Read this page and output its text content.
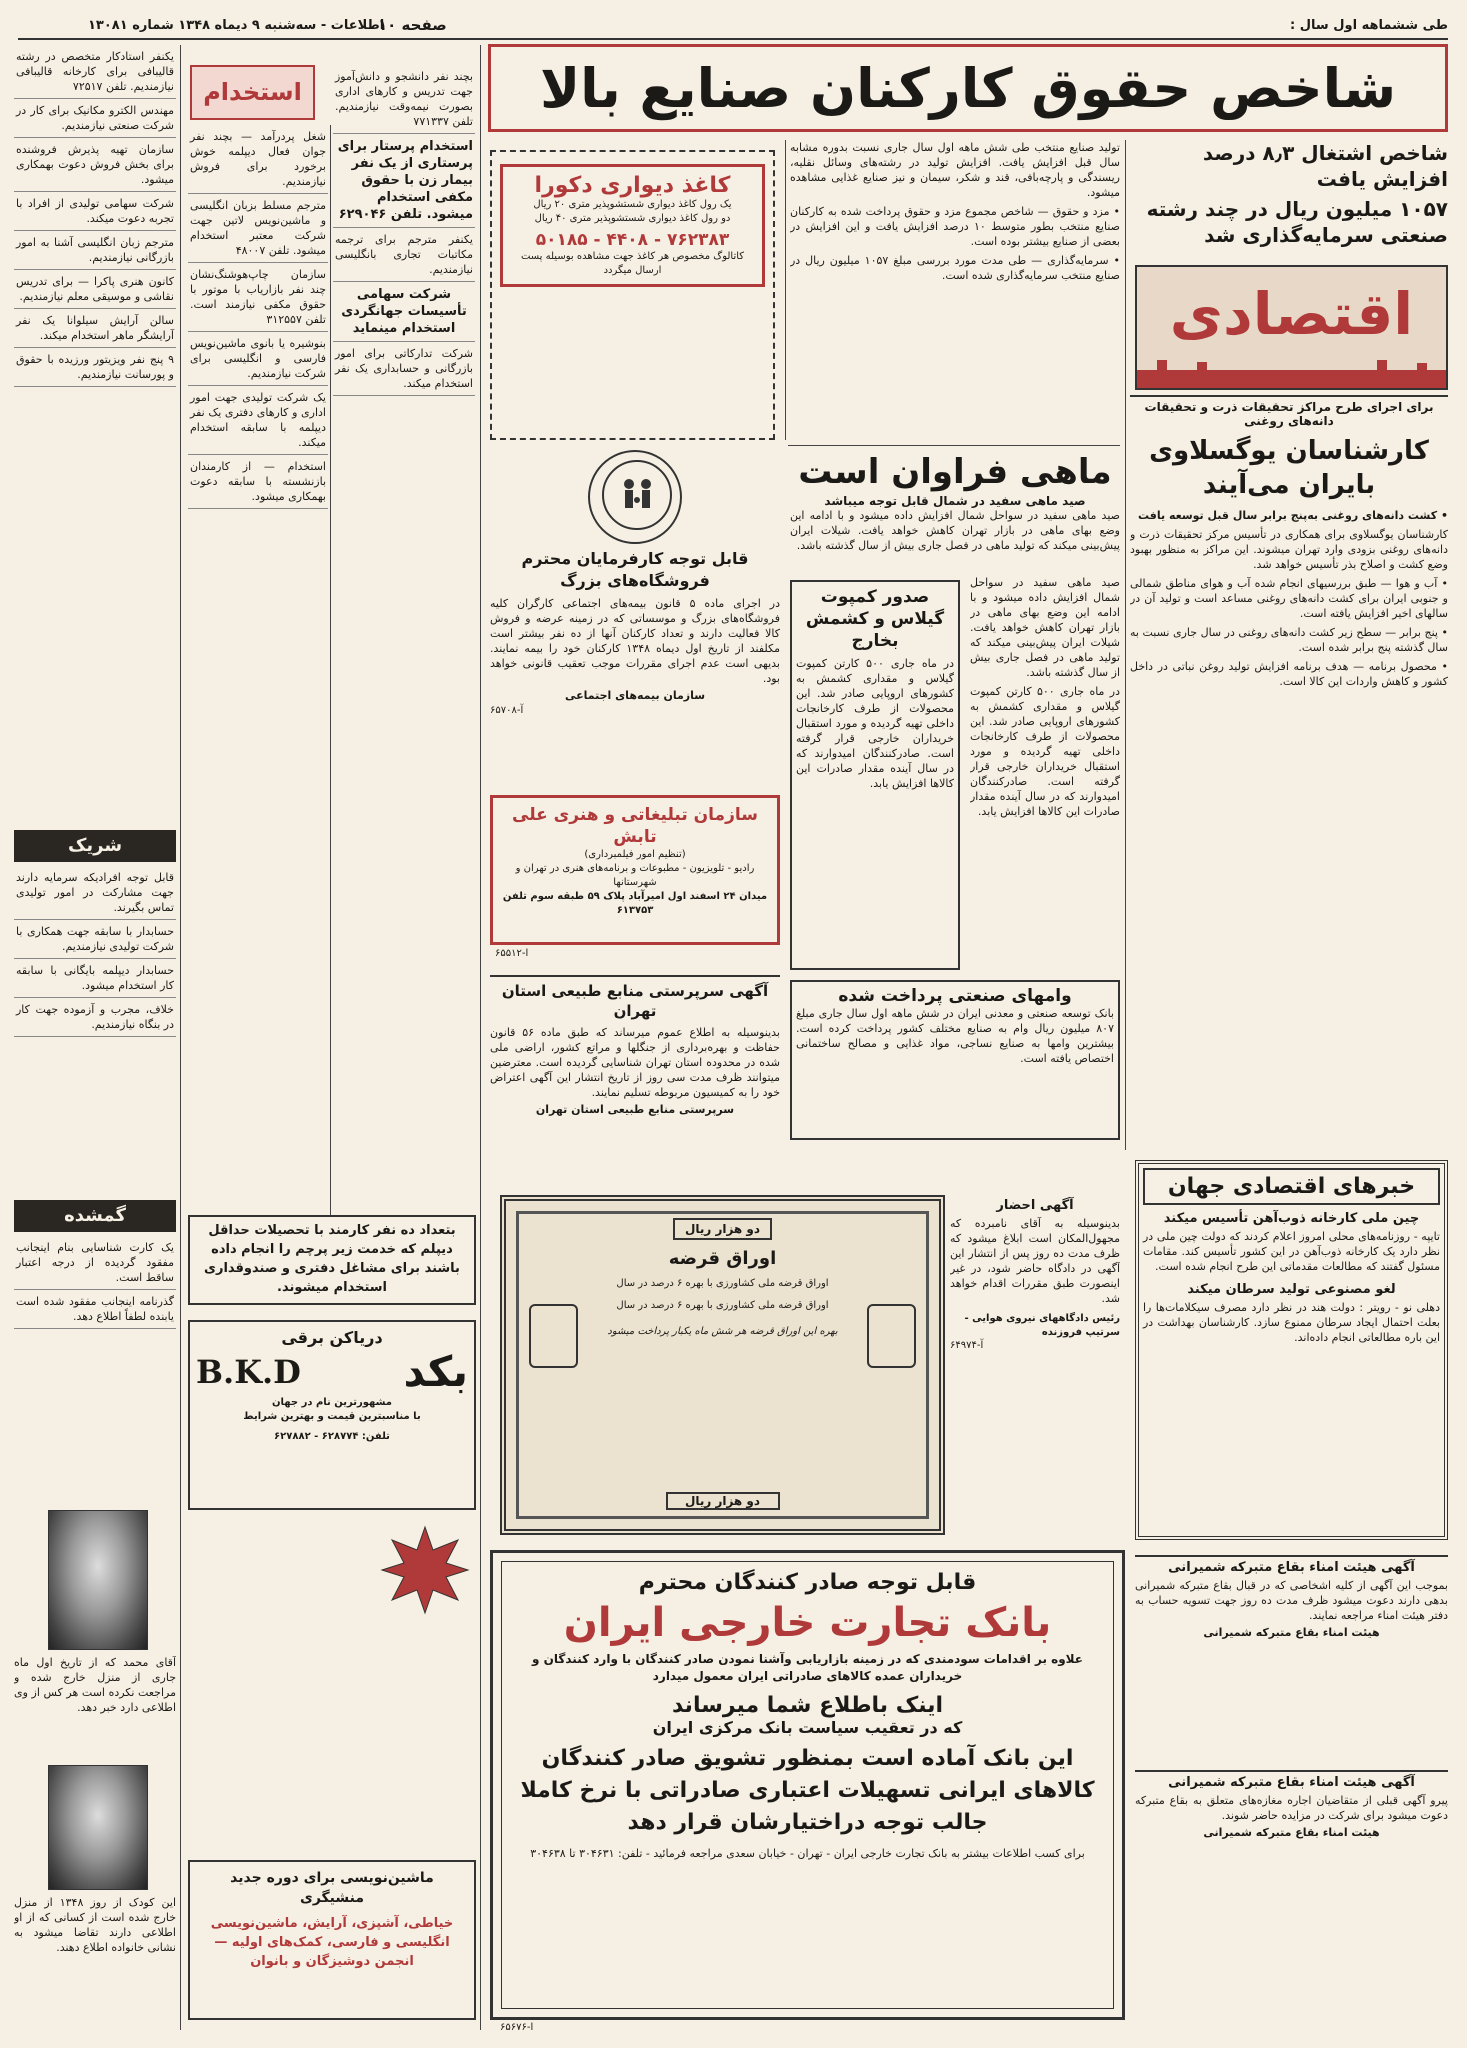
اطلاعات - سه‌شنبه ۹ دیماه ۱۳۴۸ شماره ۱۳۰۸۱
صفحه ۱۰	طی ششماهه اول سال :
شاخص حقوق کارکنان صنایع بالا
شاخص اشتغال ۸٫۳ درصد افزایش یافت
۱۰۵۷ میلیون ریال در چند رشته صنعتی سرمایه‌گذاری شد

تولید صنایع منتخب طی شش ماهه اول سال جاری نسبت بدوره مشابه سال قبل افزایش یافت. افزایش تولید در رشته‌های وسائل نقلیه، ریسندگی و پارچه‌بافی، قند و شکر، سیمان و نیز صنایع غذایی مشاهده میشود.

• مزد و حقوق — شاخص مجموع مزد و حقوق پرداخت شده به کارکنان صنایع منتخب بطور متوسط ۱۰ درصد افزایش یافت و این افزایش در بعضی از صنایع بیشتر بوده است.

• سرمایه‌گذاری — طی مدت مورد بررسی مبلغ ۱۰۵۷ میلیون ریال در صنایع منتخب سرمایه‌گذاری شده است.

اقتصادی
برای اجرای طرح مراکز تحقیقات ذرت و تحقیقات دانه‌های روغنی
کارشناسان یوگسلاوی بایران می‌آیند

• کشت دانه‌های روغنی به‌پنج برابر سال قبل توسعه یافت

کارشناسان یوگسلاوی برای همکاری در تأسیس مرکز تحقیقات ذرت و دانه‌های روغنی بزودی وارد تهران میشوند. این مراکز به منظور بهبود وضع کشت و اصلاح بذر تأسیس خواهد شد.

• آب و هوا — طبق بررسیهای انجام شده آب و هوای مناطق شمالی و جنوبی ایران برای کشت دانه‌های روغنی مساعد است و تولید آن در سالهای اخیر افزایش یافته است.

• پنج برابر — سطح زیر کشت دانه‌های روغنی در سال جاری نسبت به سال گذشته پنج برابر شده است.

• محصول برنامه — هدف برنامه افزایش تولید روغن نباتی در داخل کشور و کاهش واردات این کالا است.

خبرهای اقتصادی جهان
چین ملی کارخانه ذوب‌آهن تأسیس میکند
تایپه - روزنامه‌های محلی امروز اعلام کردند که دولت چین ملی در نظر دارد یک کارخانه ذوب‌آهن در این کشور تأسیس کند. مقامات مسئول گفتند که مطالعات مقدماتی این طرح انجام شده است.
لغو مصنوعی تولید سرطان میکند
دهلی نو - رویتر : دولت هند در نظر دارد مصرف سیکلامات‌ها را بعلت احتمال ایجاد سرطان ممنوع سازد. کارشناسان بهداشت در این باره مطالعاتی انجام داده‌اند.
آگهی هیئت امناء بقاع متبرکه شمیرانی
بموجب این آگهی از کلیه اشخاصی که در قبال بقاع متبرکه شمیرانی بدهی دارند دعوت میشود ظرف مدت ده روز جهت تسویه حساب به دفتر هیئت امناء مراجعه نمایند.
هیئت امناء بقاع متبرکه شمیرانی
آگهی هیئت امناء بقاع متبرکه شمیرانی
پیرو آگهی قبلی از متقاضیان اجاره مغازه‌های متعلق به بقاع متبرکه دعوت میشود برای شرکت در مزایده حاضر شوند.
هیئت امناء بقاع متبرکه شمیرانی
کاغذ دیواری دکورا
یک رول کاغذ دیواری شستشوپذیر متری ۲۰ ریال
دو رول کاغذ دیواری شستشوپذیر متری ۴۰ ریال
۷۶۲۳۸۳ - ۴۴۰۸ - ۵۰۱۸۵
کاتالوگ مخصوص هر کاغذ جهت مشاهده بوسیله پست ارسال میگردد
قابل توجه کارفرمایان محترم فروشگاه‌های بزرگ
در اجرای ماده ۵ قانون بیمه‌های اجتماعی کارگران کلیه فروشگاه‌های بزرگ و موسساتی که در زمینه عرضه و فروش کالا فعالیت دارند و تعداد کارکنان آنها از ده نفر بیشتر است مکلفند از تاریخ اول دیماه ۱۳۴۸ کارکنان خود را بیمه نمایند. بدیهی است عدم اجرای مقررات موجب تعقیب قانونی خواهد بود.
سازمان بیمه‌های اجتماعی
آ-۶۵۷۰۸
سازمان تبلیغاتی و هنری علی تابش
(تنظیم امور فیلمبرداری)
رادیو - تلویزیون - مطبوعات و برنامه‌های هنری در تهران و شهرستانها
میدان ۲۴ اسفند اول امیرآباد پلاک ۵۹ طبقه سوم تلفن ۶۱۳۷۵۳
آ-۶۵۵۱۲
ماهی فراوان است
صید ماهی سفید در شمال قابل توجه میباشد
صید ماهی سفید در سواحل شمال افزایش داده میشود و با ادامه این وضع بهای ماهی در بازار تهران کاهش خواهد یافت. شیلات ایران پیش‌بینی میکند که تولید ماهی در فصل جاری بیش از سال گذشته باشد.

صید ماهی سفید در سواحل شمال افزایش داده میشود و با ادامه این وضع بهای ماهی در بازار تهران کاهش خواهد یافت. شیلات ایران پیش‌بینی میکند که تولید ماهی در فصل جاری بیش از سال گذشته باشد.

در ماه جاری ۵۰۰ کارتن کمپوت گیلاس و مقداری کشمش به کشورهای اروپایی صادر شد. این محصولات از طرف کارخانجات داخلی تهیه گردیده و مورد استقبال خریداران خارجی قرار گرفته است. صادرکنندگان امیدوارند که در سال آینده مقدار صادرات این کالاها افزایش یابد.

صدور کمپوت گیلاس و کشمش بخارج
در ماه جاری ۵۰۰ کارتن کمپوت گیلاس و مقداری کشمش به کشورهای اروپایی صادر شد. این محصولات از طرف کارخانجات داخلی تهیه گردیده و مورد استقبال خریداران خارجی قرار گرفته است. صادرکنندگان امیدوارند که در سال آینده مقدار صادرات این کالاها افزایش یابد.
وامهای صنعتی پرداخت شده
بانک توسعه صنعتی و معدنی ایران در شش ماهه اول سال جاری مبلغ ۸۰۷ میلیون ریال وام به صنایع مختلف کشور پرداخت کرده است. بیشترین وامها به صنایع نساجی، مواد غذایی و مصالح ساختمانی اختصاص یافته است.
آگهی سرپرستی منابع طبیعی استان تهران
بدینوسیله به اطلاع عموم میرساند که طبق ماده ۵۶ قانون حفاظت و بهره‌برداری از جنگلها و مراتع کشور، اراضی ملی شده در محدوده استان تهران شناسایی گردیده است. معترضین میتوانند ظرف مدت سی روز از تاریخ انتشار این آگهی اعتراض خود را به کمیسیون مربوطه تسلیم نمایند.
سرپرستی منابع طبیعی استان تهران
دو هزار ریال
اوراق قرضه
اوراق قرضه ملی کشاورزی با بهره ۶ درصد در سال
اوراق قرضه ملی کشاورزی با بهره ۶ درصد در سال
بهره این اوراق قرضه هر شش ماه یکبار پرداخت میشود
دو هزار ریال
آگهی احضار
بدینوسیله به آقای نامبرده که مجهول‌المکان است ابلاغ میشود که ظرف مدت ده روز پس از انتشار این آگهی در دادگاه حاضر شود، در غیر اینصورت طبق مقررات اقدام خواهد شد.
رئیس دادگاههای نیروی هوایی - سرتیپ فروزنده
آ-۶۴۹۷۴
قابل توجه صادر کنندگان محترم
بانک تجارت خارجی ایران
علاوه بر اقدامات سودمندی که در زمینه بازاریابی وآشنا نمودن صادر کنندگان با وارد کنندگان و خریداران عمده کالاهای صادراتی ایران معمول میدارد
اینک باطلاع شما میرساند
که در تعقیب سیاست بانک مرکزی ایران
این بانک آماده است بمنظور تشویق صادر کنندگان کالاهای ایرانی تسهیلات اعتباری صادراتی با نرخ کاملا جالب توجه دراختیارشان قرار دهد
برای کسب اطلاعات بیشتر به بانک تجارت خارجی ایران - تهران - خیابان سعدی مراجعه فرمائید - تلفن: ۳۰۴۶۳۱ تا ۳۰۴۶۳۸
آ-۶۵۶۷۶
استخدام
شغل پردرآمد — بچند نفر جوان فعال دیپلمه خوش برخورد برای فروش نیازمندیم.
مترجم مسلط بزبان انگلیسی و ماشین‌نویس لاتین جهت شرکت معتبر استخدام میشود. تلفن ۴۸۰۰۷
سازمان چاپ‌هوشنگ‌نشان چند نفر بازاریاب با موتور با حقوق مکفی نیازمند است. تلفن ۳۱۲۵۵۷
بنوشیره یا بانوی ماشین‌نویس فارسی و انگلیسی برای شرکت نیازمندیم.
یک شرکت تولیدی جهت امور اداری و کارهای دفتری یک نفر دیپلمه با سابقه استخدام میکند.
استخدام — از کارمندان بازنشسته با سابقه دعوت بهمکاری میشود.
بچند نفر دانشجو و دانش‌آموز جهت تدریس و کارهای اداری بصورت نیمه‌وقت نیازمندیم. تلفن ۷۷۱۳۳۷
استخدام پرستار برای پرستاری از یک نفر بیمار زن با حقوق مکفی استخدام میشود. تلفن ۶۲۹۰۴۶
یکنفر مترجم برای ترجمه مکاتبات تجاری بانگلیسی نیازمندیم.
شرکت سهامی تأسیسات جهانگردی استخدام مینماید
شرکت تدارکاتی برای امور بازرگانی و حسابداری یک نفر استخدام میکند.
بتعداد ده نفر کارمند با تحصیلات حداقل دیپلم که خدمت زیر پرچم را انجام داده باشند برای مشاغل دفتری و صندوقداری استخدام میشوند.
دریاکن برقی
B.K.D بکد
مشهورترین نام در جهان
با مناسبترین قیمت و بهترین شرایط
تلفن: ۶۲۸۷۷۴ - ۶۲۷۸۸۲
ماشین‌نویسی برای دوره جدید منشیگری
خیاطی، آشپزی، آرایش، ماشین‌نویسی انگلیسی و فارسی، کمک‌های اولیه — انجمن دوشیزگان و بانوان
یکنفر استادکار متخصص در رشته قالیبافی برای کارخانه قالیبافی نیازمندیم. تلفن ۷۲۵۱۷
مهندس الکترو مکانیک برای کار در شرکت صنعتی نیازمندیم.
سازمان تهیه پذیرش فروشنده برای بخش فروش دعوت بهمکاری میشود.
شرکت سهامی تولیدی از افراد با تجربه دعوت میکند.
مترجم زبان انگلیسی آشنا به امور بازرگانی نیازمندیم.
کانون هنری پاکرا — برای تدریس نقاشی و موسیقی معلم نیازمندیم.
سالن آرایش سیلوانا یک نفر آرایشگر ماهر استخدام میکند.
۹ پنج نفر ویزیتور ورزیده با حقوق و پورسانت نیازمندیم.
شریک
قابل توجه افرادیکه سرمایه دارند جهت مشارکت در امور تولیدی تماس بگیرند.
حسابدار با سابقه جهت همکاری با شرکت تولیدی نیازمندیم.
حسابدار دیپلمه بایگانی با سابقه کار استخدام میشود.
خلاف، مجرب و آزموده جهت کار در بنگاه نیازمندیم.
گمشده
یک کارت شناسایی بنام اینجانب مفقود گردیده از درجه اعتبار ساقط است.
گذرنامه اینجانب مفقود شده است یابنده لطفاً اطلاع دهد.
آقای محمد که از تاریخ اول ماه جاری از منزل خارج شده و مراجعت نکرده است هر کس از وی اطلاعی دارد خبر دهد.
این کودک از روز ۱۳۴۸ از منزل خارج شده است از کسانی که از او اطلاعی دارند تقاضا میشود به نشانی خانواده اطلاع دهند.
